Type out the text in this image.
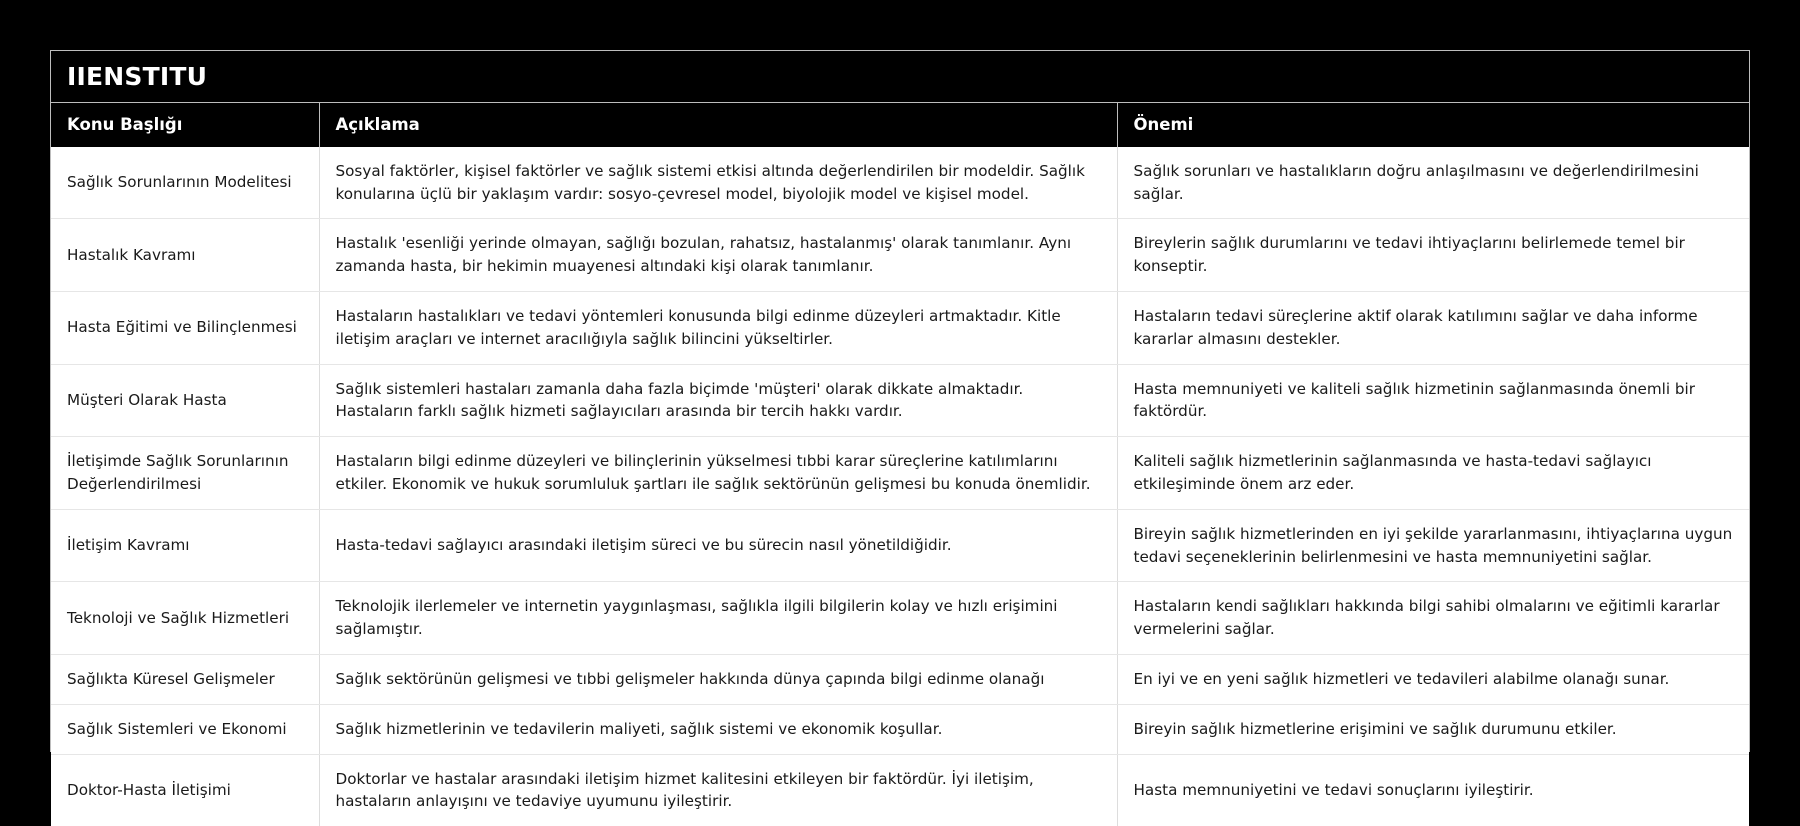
IIENSTITU
Konu Başlığı	Açıklama	Önemi
Sağlık Sorunlarının Modelitesi	Sosyal faktörler, kişisel faktörler ve sağlık sistemi etkisi altında değerlendirilen bir modeldir. Sağlık konularına üçlü bir yaklaşım vardır: sosyo-çevresel model, biyolojik model ve kişisel model.	Sağlık sorunları ve hastalıkların doğru anlaşılmasını ve değerlendirilmesini sağlar.
Hastalık Kavramı	Hastalık 'esenliği yerinde olmayan, sağlığı bozulan, rahatsız, hastalanmış' olarak tanımlanır. Aynı zamanda hasta, bir hekimin muayenesi altındaki kişi olarak tanımlanır.	Bireylerin sağlık durumlarını ve tedavi ihtiyaçlarını belirlemede temel bir konseptir.
Hasta Eğitimi ve Bilinçlenmesi	Hastaların hastalıkları ve tedavi yöntemleri konusunda bilgi edinme düzeyleri artmaktadır. Kitle iletişim araçları ve internet aracılığıyla sağlık bilincini yükseltirler.	Hastaların tedavi süreçlerine aktif olarak katılımını sağlar ve daha informe kararlar almasını destekler.
Müşteri Olarak Hasta	Sağlık sistemleri hastaları zamanla daha fazla biçimde 'müşteri' olarak dikkate almaktadır. Hastaların farklı sağlık hizmeti sağlayıcıları arasında bir tercih hakkı vardır.	Hasta memnuniyeti ve kaliteli sağlık hizmetinin sağlanmasında önemli bir faktördür.
İletişimde Sağlık Sorunlarının Değerlendirilmesi	Hastaların bilgi edinme düzeyleri ve bilinçlerinin yükselmesi tıbbi karar süreçlerine katılımlarını etkiler. Ekonomik ve hukuk sorumluluk şartları ile sağlık sektörünün gelişmesi bu konuda önemlidir.	Kaliteli sağlık hizmetlerinin sağlanmasında ve hasta-tedavi sağlayıcı etkileşiminde önem arz eder.
İletişim Kavramı	Hasta-tedavi sağlayıcı arasındaki iletişim süreci ve bu sürecin nasıl yönetildiğidir.	Bireyin sağlık hizmetlerinden en iyi şekilde yararlanmasını, ihtiyaçlarına uygun tedavi seçeneklerinin belirlenmesini ve hasta memnuniyetini sağlar.
Teknoloji ve Sağlık Hizmetleri	Teknolojik ilerlemeler ve internetin yaygınlaşması, sağlıkla ilgili bilgilerin kolay ve hızlı erişimini sağlamıştır.	Hastaların kendi sağlıkları hakkında bilgi sahibi olmalarını ve eğitimli kararlar vermelerini sağlar.
Sağlıkta Küresel Gelişmeler	Sağlık sektörünün gelişmesi ve tıbbi gelişmeler hakkında dünya çapında bilgi edinme olanağı	En iyi ve en yeni sağlık hizmetleri ve tedavileri alabilme olanağı sunar.
Sağlık Sistemleri ve Ekonomi	Sağlık hizmetlerinin ve tedavilerin maliyeti, sağlık sistemi ve ekonomik koşullar.	Bireyin sağlık hizmetlerine erişimini ve sağlık durumunu etkiler.
Doktor-Hasta İletişimi	Doktorlar ve hastalar arasındaki iletişim hizmet kalitesini etkileyen bir faktördür. İyi iletişim, hastaların anlayışını ve tedaviye uyumunu iyileştirir.	Hasta memnuniyetini ve tedavi sonuçlarını iyileştirir.
